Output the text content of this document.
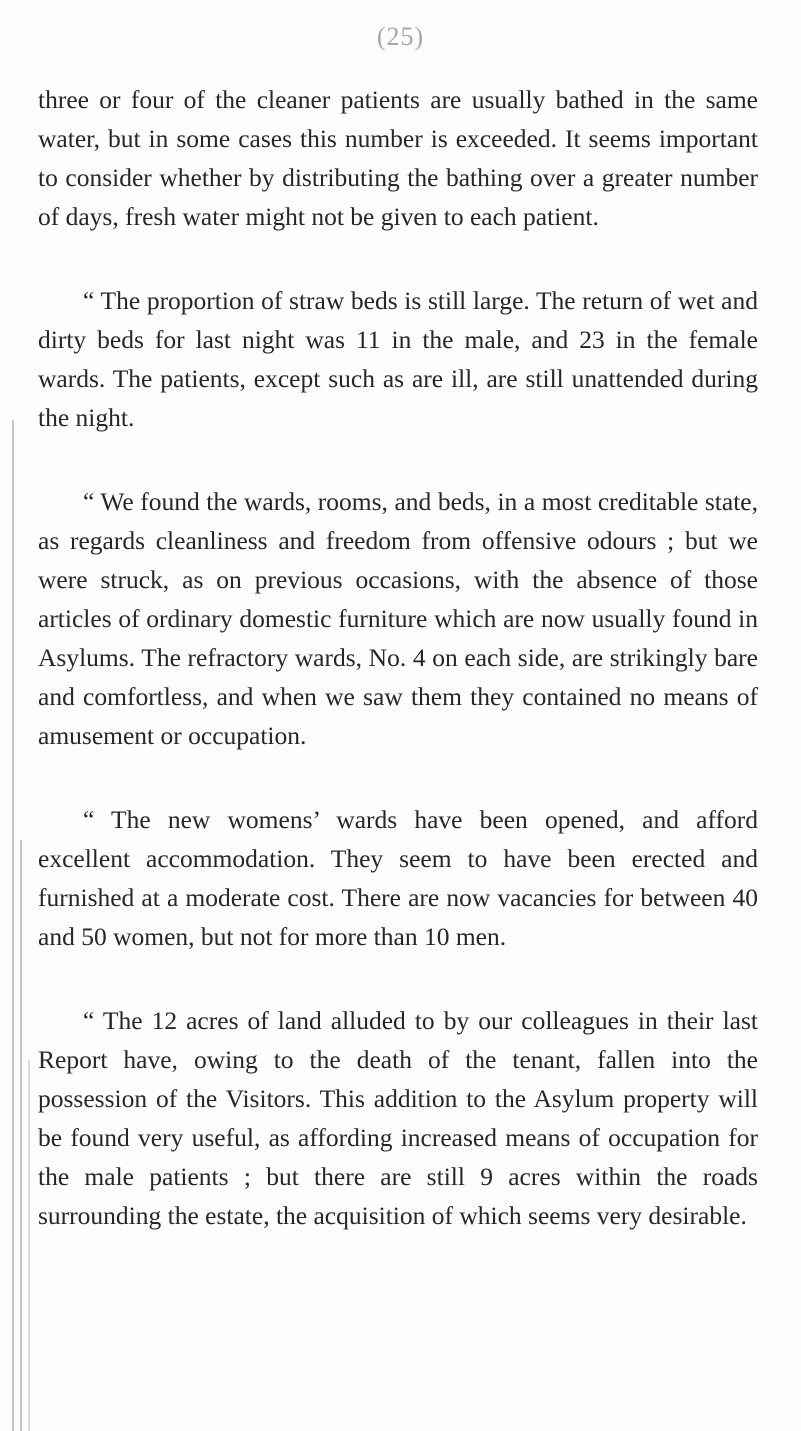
(25)

three or four of the cleaner patients are usually bathed in the same water, but in some cases this number is exceeded. It seems important to consider whether by distributing the bathing over a greater number of days, fresh water might not be given to each patient.

“ The proportion of straw beds is still large. The return of wet and dirty beds for last night was 11 in the male, and 23 in the female wards. The patients, except such as are ill, are still unattended during the night.

“ We found the wards, rooms, and beds, in a most creditable state, as regards cleanliness and freedom from offensive odours ; but we were struck, as on previous occasions, with the absence of those articles of ordinary domestic furniture which are now usually found in Asylums. The refractory wards, No. 4 on each side, are strikingly bare and comfortless, and when we saw them they contained no means of amusement or occupation.

“ The new womens’ wards have been opened, and afford excellent accommodation. They seem to have been erected and furnished at a moderate cost. There are now vacancies for between 40 and 50 women, but not for more than 10 men.

“ The 12 acres of land alluded to by our colleagues in their last Report have, owing to the death of the tenant, fallen into the possession of the Visitors. This addition to the Asylum property will be found very useful, as affording increased means of occupation for the male patients ; but there are still 9 acres within the roads surrounding the estate, the acquisition of which seems very desirable.
